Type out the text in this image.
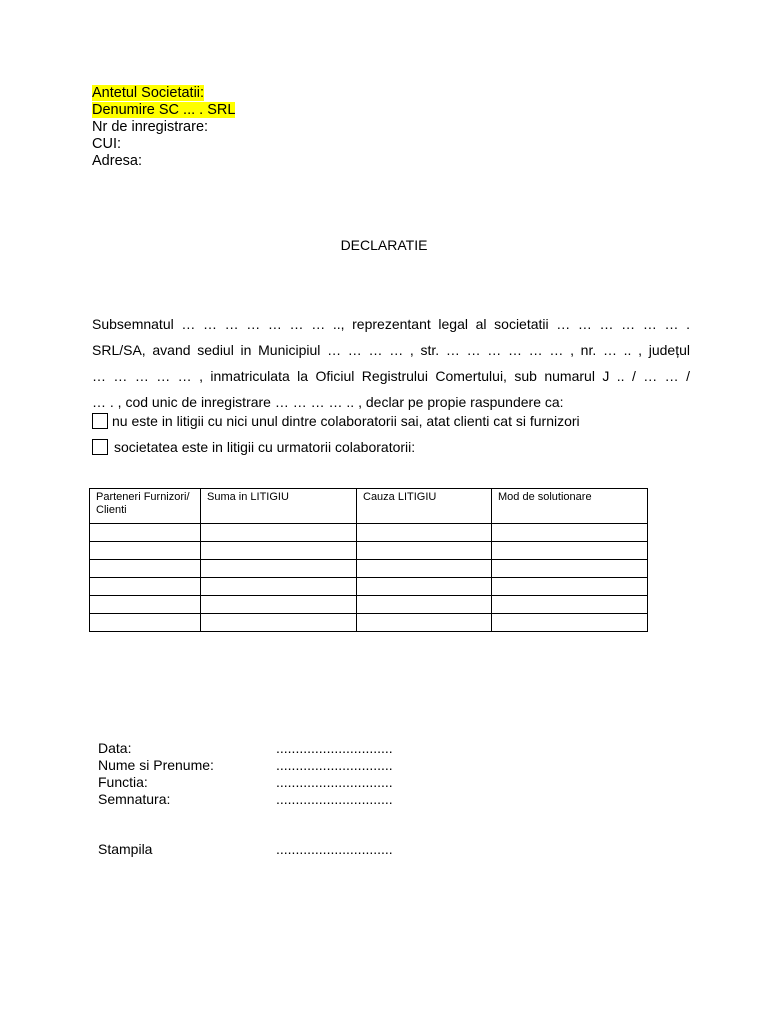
Antetul Societatii:
Denumire SC ... . SRL
Nr de inregistrare:
CUI:
Adresa:
DECLARATIE
Subsemnatul … … … … … … … .., reprezentant legal al societatii … … … … … … .
SRL/SA, avand sediul in Municipiul … … … … , str. … … … … … … , nr. … .. , județul
… … … … … , inmatriculata la Oficiul Registrului Comertului, sub numarul J .. / … … /
… . , cod unic de inregistrare … … … … .. , declar pe propie raspundere ca:
nu este in litigii cu nici unul dintre colaboratorii sai, atat clienti cat si furnizori
societatea este in litigii cu urmatorii colaboratorii:
Parteneri Furnizori/ Clienti	Suma in LITIGIU	Cauza LITIGIU	Mod de solutionare

Data:	..............................
Nume si Prenume:	..............................
Functia:	..............................
Semnatura:	..............................
Stampila	..............................
